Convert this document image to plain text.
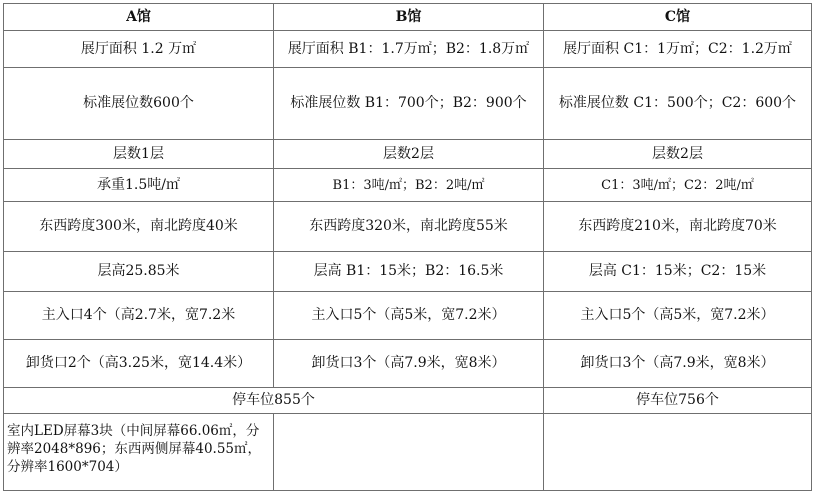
A馆	B馆	C馆
展厅面积 1.2 万㎡	展厅面积 B1：1.7万㎡；B2：1.8万㎡	展厅面积 C1：1万㎡；C2：1.2万㎡
标准展位数600个	标准展位数 B1：700个；B2：900个	标准展位数 C1：500个；C2：600个
层数1层	层数2层	层数2层
承重1.5吨/㎡	B1：3吨/㎡；B2：2吨/㎡	C1：3吨/㎡；C2：2吨/㎡
东西跨度300米，南北跨度40米	东西跨度320米，南北跨度55米	东西跨度210米，南北跨度70米
层高25.85米	层高 B1：15米；B2：16.5米	层高 C1：15米；C2：15米
主入口4个（高2.7米，宽7.2米	主入口5个（高5米，宽7.2米）	主入口5个（高5米，宽7.2米）
卸货口2个（高3.25米，宽14.4米）	卸货口3个（高7.9米，宽8米）	卸货口3个（高7.9米，宽8米）
停车位855个		停车位756个
室内LED屏幕3块（中间屏幕66.06㎡，分辨率2048*896；东西两侧屏幕40.55㎡，分辨率1600*704）		
